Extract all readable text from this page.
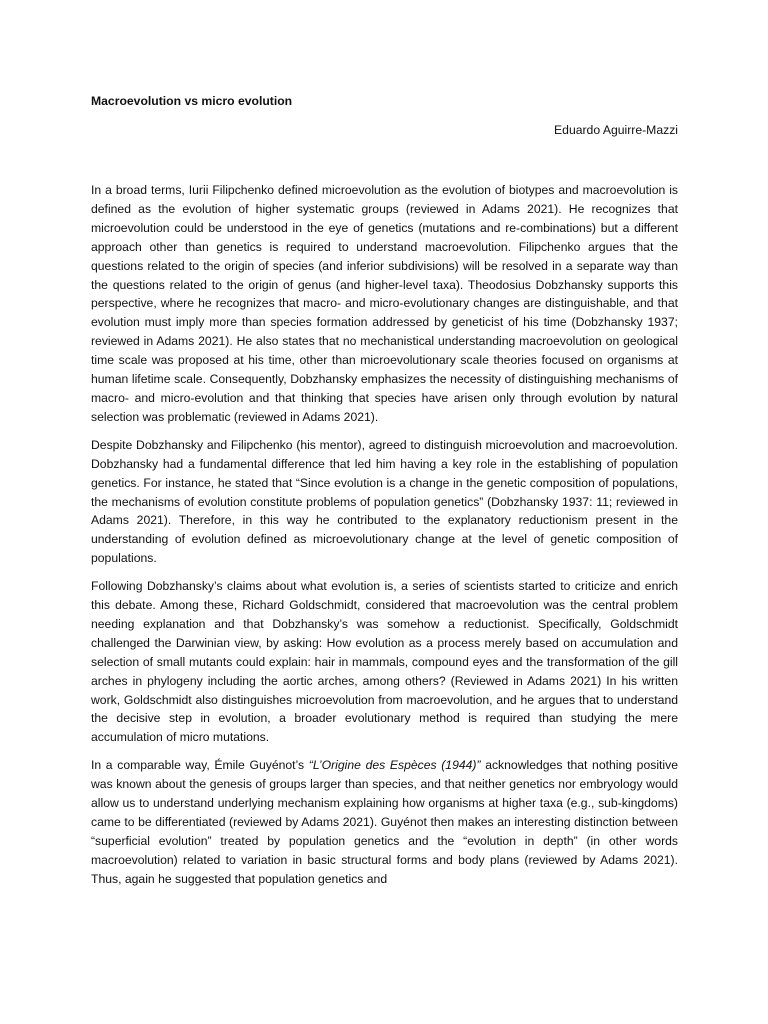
Macroevolution vs micro evolution

Eduardo Aguirre-Mazzi

In a broad terms, Iurii Filipchenko defined microevolution as the evolution of biotypes and macroevolution is defined as the evolution of higher systematic groups (reviewed in Adams 2021). He recognizes that microevolution could be understood in the eye of genetics (mutations and re-combinations) but a different approach other than genetics is required to understand macroevolution. Filipchenko argues that the questions related to the origin of species (and inferior subdivisions) will be resolved in a separate way than the questions related to the origin of genus (and higher-level taxa). Theodosius Dobzhansky supports this perspective, where he recognizes that macro- and micro-evolutionary changes are distinguishable, and that evolution must imply more than species formation addressed by geneticist of his time (Dobzhansky 1937; reviewed in Adams 2021). He also states that no mechanistical understanding macroevolution on geological time scale was proposed at his time, other than microevolutionary scale theories focused on organisms at human lifetime scale. Consequently, Dobzhansky emphasizes the necessity of distinguishing mechanisms of macro- and micro-evolution and that thinking that species have arisen only through evolution by natural selection was problematic (reviewed in Adams 2021).

Despite Dobzhansky and Filipchenko (his mentor), agreed to distinguish microevolution and macroevolution. Dobzhansky had a fundamental difference that led him having a key role in the establishing of population genetics. For instance, he stated that “Since evolution is a change in the genetic composition of populations, the mechanisms of evolution constitute problems of population genetics” (Dobzhansky 1937: 11; reviewed in Adams 2021). Therefore, in this way he contributed to the explanatory reductionism present in the understanding of evolution defined as microevolutionary change at the level of genetic composition of populations.

Following Dobzhansky’s claims about what evolution is, a series of scientists started to criticize and enrich this debate. Among these, Richard Goldschmidt, considered that macroevolution was the central problem needing explanation and that Dobzhansky’s was somehow a reductionist. Specifically, Goldschmidt challenged the Darwinian view, by asking: How evolution as a process merely based on accumulation and selection of small mutants could explain: hair in mammals, compound eyes and the transformation of the gill arches in phylogeny including the aortic arches, among others? (Reviewed in Adams 2021) In his written work, Goldschmidt also distinguishes microevolution from macroevolution, and he argues that to understand the decisive step in evolution, a broader evolutionary method is required than studying the mere accumulation of micro mutations.

In a comparable way, Émile Guyénot’s “L’Origine des Espèces (1944)” acknowledges that nothing positive was known about the genesis of groups larger than species, and that neither genetics nor embryology would allow us to understand underlying mechanism explaining how organisms at higher taxa (e.g., sub-kingdoms) came to be differentiated (reviewed by Adams 2021). Guyénot then makes an interesting distinction between “superficial evolution” treated by population genetics and the “evolution in depth” (in other words macroevolution) related to variation in basic structural forms and body plans (reviewed by Adams 2021). Thus, again he suggested that population genetics and
